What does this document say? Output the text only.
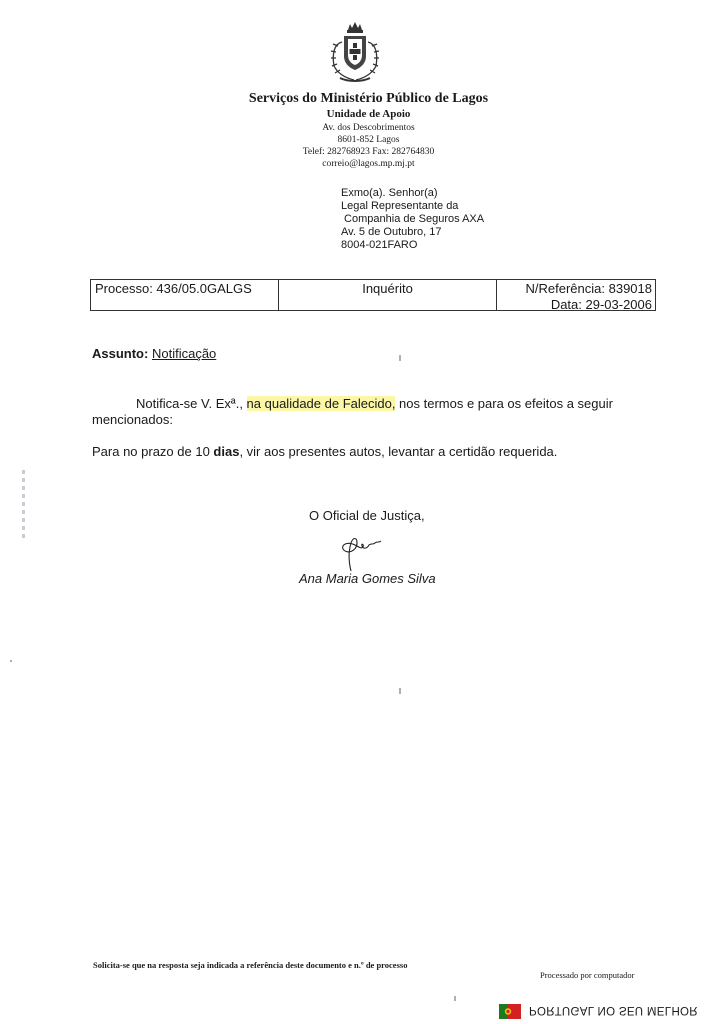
Serviços do Ministério Público de Lagos
Unidade de Apoio
Av. dos Descobrimentos
8601-852 Lagos
Telef: 282768923 Fax: 282764830
correio@lagos.mp.mj.pt
Exmo(a). Senhor(a)
Legal Representante da
Companhia de Seguros AXA
Av. 5 de Outubro, 17
8004-021FARO
Processo: 436/05.0GALGS	Inquérito	N/Referência: 839018
Data: 29-03-2006
Assunto: Notificação
Notifica-se V. Exª., na qualidade de Falecido, nos termos e para os efeitos a seguir
mencionados:
Para no prazo de 10 dias, vir aos presentes autos, levantar a certidão requerida.
O Oficial de Justiça,
Ana Maria Gomes Silva
Solicita-se que na resposta seja indicada a referência deste documento e n.º de processo
Processado por computador
PORTUGAL NO SEU MELHOR
